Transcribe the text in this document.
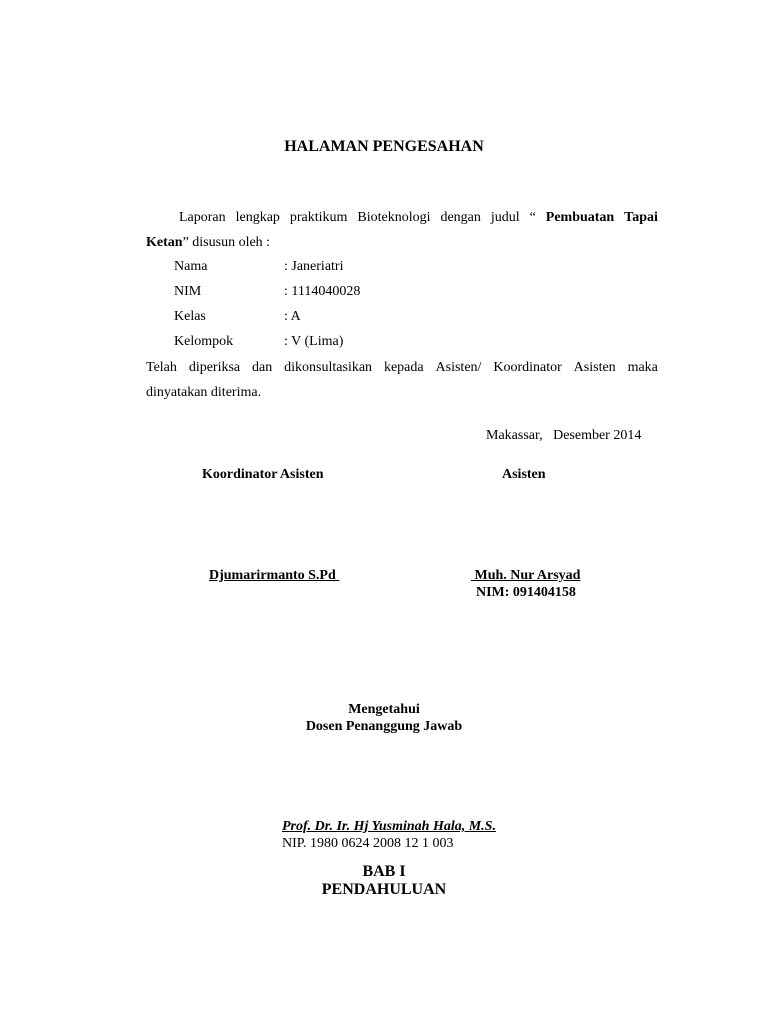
HALAMAN PENGESAHAN
Laporan lengkap praktikum Bioteknologi dengan judul “ Pembuatan Tapai
Ketan ” disusun oleh :
Nama	: Janeriatri
NIM	: 1114040028
Kelas	: A
Kelompok	: V (Lima)
Telah diperiksa dan dikonsultasikan kepada Asisten/ Koordinator Asisten maka
dinyatakan diterima.
Makassar,   Desember 2014
Koordinator Asisten	Asisten
Djumarirmanto S.Pd	Muh. Nur Arsyad
NIM: 091404158
Mengetahui
Dosen Penanggung Jawab
Prof. Dr. Ir. Hj Yusminah Hala, M.S.
NIP. 1980 0624 2008 12 1 003
BAB I
PENDAHULUAN
